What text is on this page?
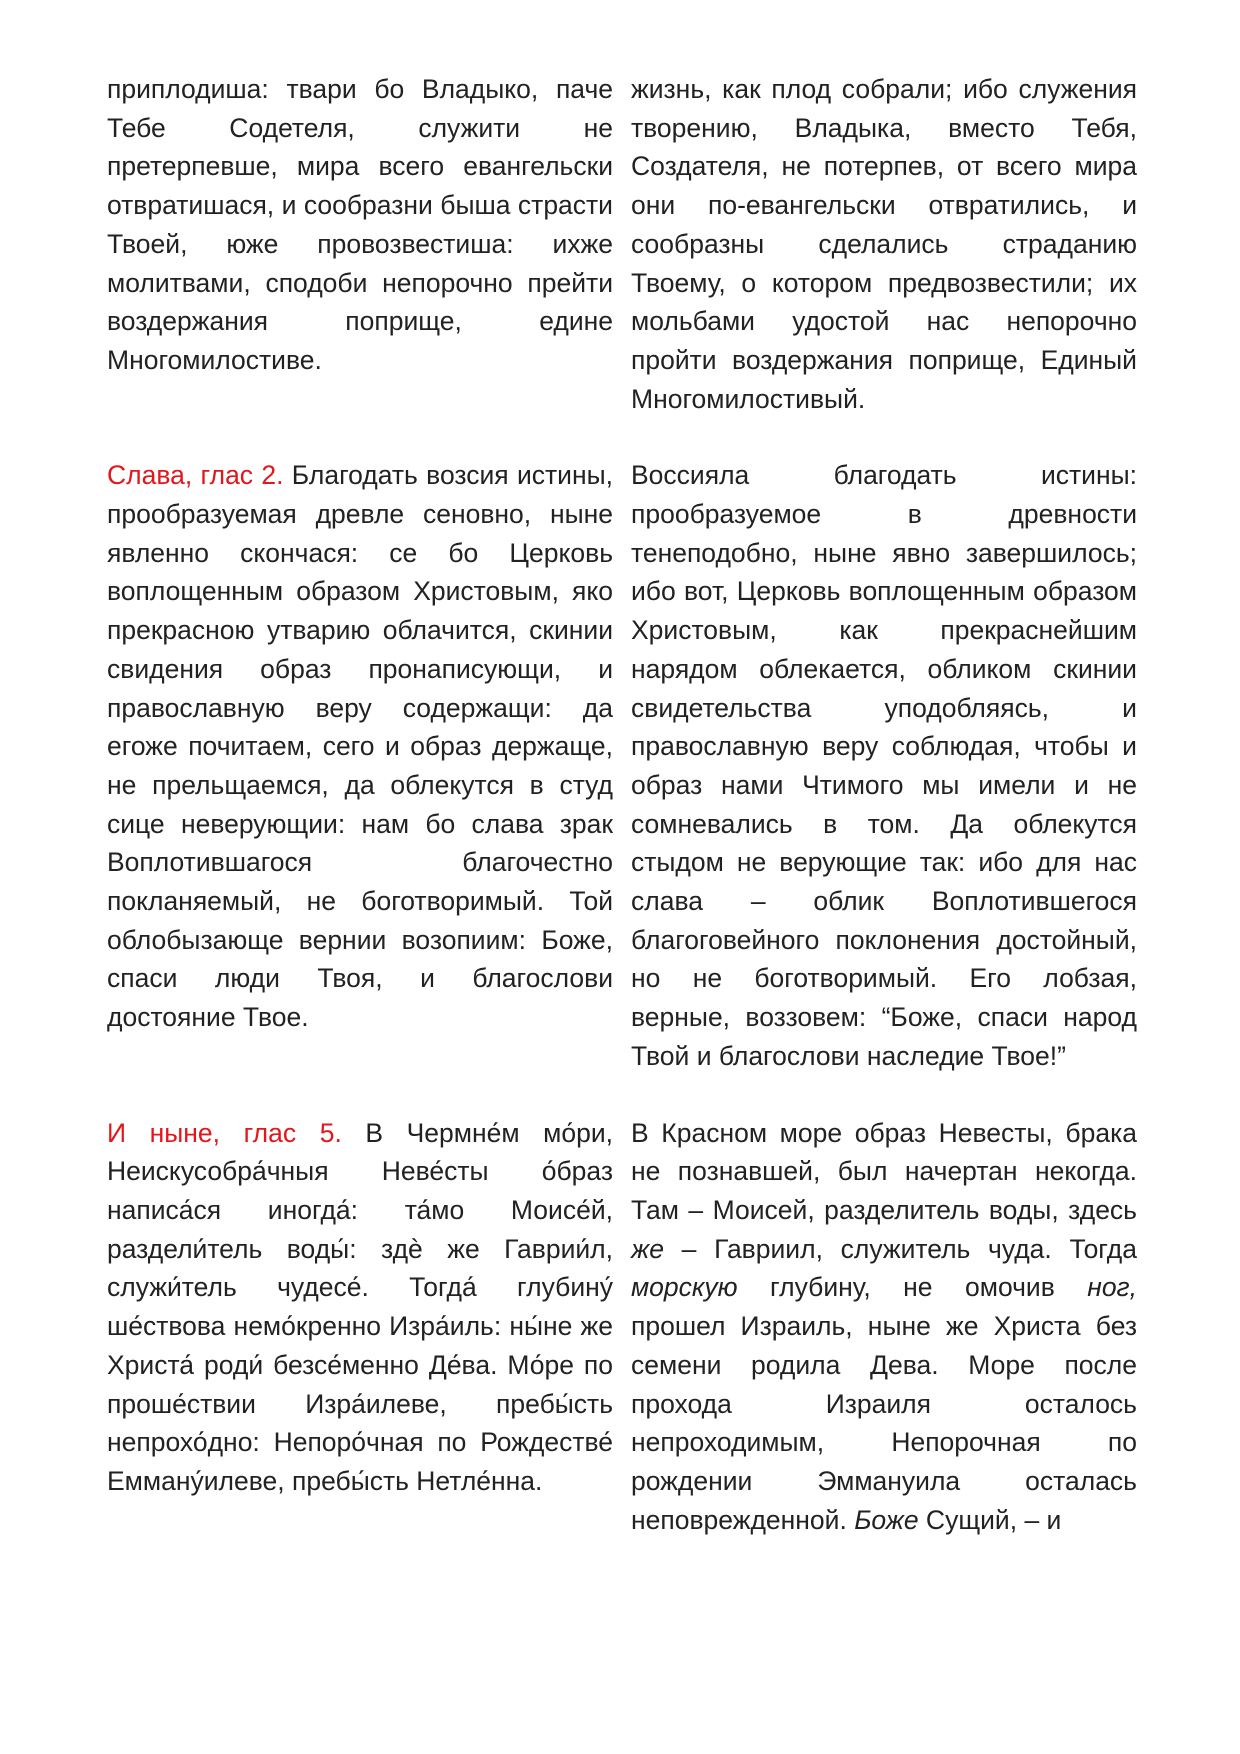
приплодиша: твари бо Владыко, паче Тебе Содетеля, служити не претерпевше, мира всего евангельски отвратишася, и сообразни быша страсти Твоей, юже провозвестиша: ихже молитвами, сподоби непорочно прейти воздержания поприще, едине Многомилостиве.

жизнь, как плод собрали; ибо служения творению, Владыка, вместо Тебя, Создателя, не потерпев, от всего мира они по-евангельски отвратились, и сообразны сделались страданию Твоему, о котором предвозвестили; их мольбами удостой нас непорочно пройти воздержания поприще, Единый Многомилостивый.

Слава, глас 2. Благодать возсия истины, прообразуемая древле сеновно, ныне явленно скончася: се бо Церковь воплощенным образом Христовым, яко прекрасною утварию облачится, скинии свидения образ пронаписующи, и православную веру содержащи: да егоже почитаем, сего и образ держаще, не прельщаемся, да облекутся в студ сице неверующии: нам бо слава зрак Воплотившагося благочестно покланяемый, не боготворимый. Той облобызающе вернии возопиим: Боже, спаси люди Твоя, и благослови достояние Твое.

Воссияла благодать истины: прообразуемое в древности тенеподобно, ныне явно завершилось; ибо вот, Церковь воплощенным образом Христовым, как прекраснейшим нарядом облекается, обликом скинии свидетельства уподобляясь, и православную веру соблюдая, чтобы и образ нами Чтимого мы имели и не сомневались в том. Да облекутся стыдом не верующие так: ибо для нас слава – облик Воплотившегося благоговейного поклонения достойный, но не боготворимый. Его лобзая, верные, воззовем: “Боже, спаси народ Твой и благослови наследие Твое!”

И ныне, глас 5. В Чермне́м мо́ри, Неискусобра́чныя Неве́сты о́браз написа́ся иногда́: та́мо Моисе́й, раздели́тель воды́: здѐ же Гаврии́л, служи́тель чудесе́. Тогда́ глубину́ ше́ствова немо́кренно Изра́иль: ны́не же Христа́ роди́ безсе́менно Де́ва. Мо́ре по проше́ствии Изра́илеве, пребы́сть непрохо́дно: Непоро́чная по Рождестве́ Емману́илеве, пребы́сть Нетле́нна.

В Красном море образ Невесты, брака не познавшей, был начертан некогда. Там – Моисей, разделитель воды, здесь же – Гавриил, служитель чуда. Тогда морскую глубину, не омочив ног, прошел Израиль, ныне же Христа без семени родила Дева. Море после прохода Израиля осталось непроходимым, Непорочная по рождении Эммануила осталась неповрежденной. Боже Сущий, – и
